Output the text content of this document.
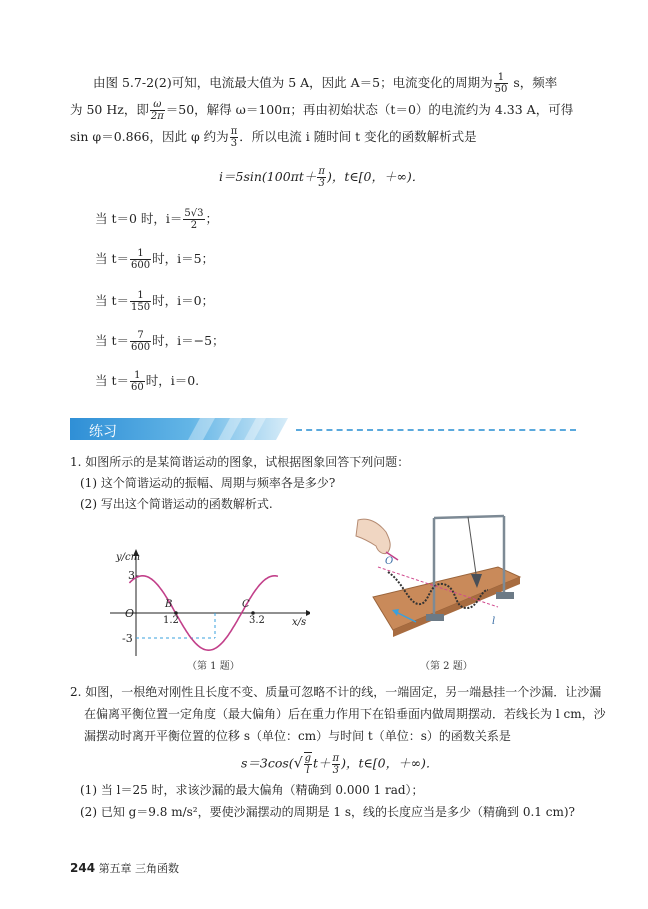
由图 5.7-2(2)可知，电流最大值为 5 A，因此 A＝5；电流变化的周期为 $\frac{1}{50}$ s，频率
为 50 Hz，即 $\frac{\omega}{2\pi} =50$，解得 ω＝100π；再由初始状态（t＝0）的电流约为 4.33 A，可得
sin φ＝0.866，因此 φ 约为 $\frac{\pi}{3}$ ．所以电流 i 随时间 t 变化的函数解析式是
$i=5\sin(100\pi t+ \frac{\pi}{3}$ )，t∈[0，＋∞)．
当 t＝0 时，$i= \frac{5√3}{2}$ ；
当 $t= \frac{1}{600}$ 时，i＝5；
当 $t= \frac{1}{150}$ 时，i＝0；
当 $t= \frac{7}{600}$ 时，i＝−5；
当 $t= \frac{1}{60}$ 时，i＝0.
练习
1. 如图所示的是某简谐运动的图象，试根据图象回答下列问题：
(1) 这个简谐运动的振幅、周期与频率各是多少?
(2) 写出这个简谐运动的函数解析式.
y/cm
x/s
3
-3
O
1.2	3.2
B	C
（第 1 题）
O
l
（第 2 题）
2. 如图，一根绝对刚性且长度不变、质量可忽略不计的线，一端固定，另一端悬挂一个沙漏．让沙漏
在偏离平衡位置一定角度（最大偏角）后在重力作用下在铅垂面内做周期摆动．若线长为 l cm，沙
漏摆动时离开平衡位置的位移 s（单位：cm）与时间 t（单位：s）的函数关系是
$s=3\cos(√ \frac{g}{l} t+ \frac{\pi}{3}$ )，t∈[0，＋∞)．
(1) 当 l＝25 时，求该沙漏的最大偏角（精确到 0.000 1 rad）；
(2) 已知 g＝9.8 m/s²，要使沙漏摆动的周期是 1 s，线的长度应当是多少（精确到 0.1 cm)?
244 第五章 三角函数
